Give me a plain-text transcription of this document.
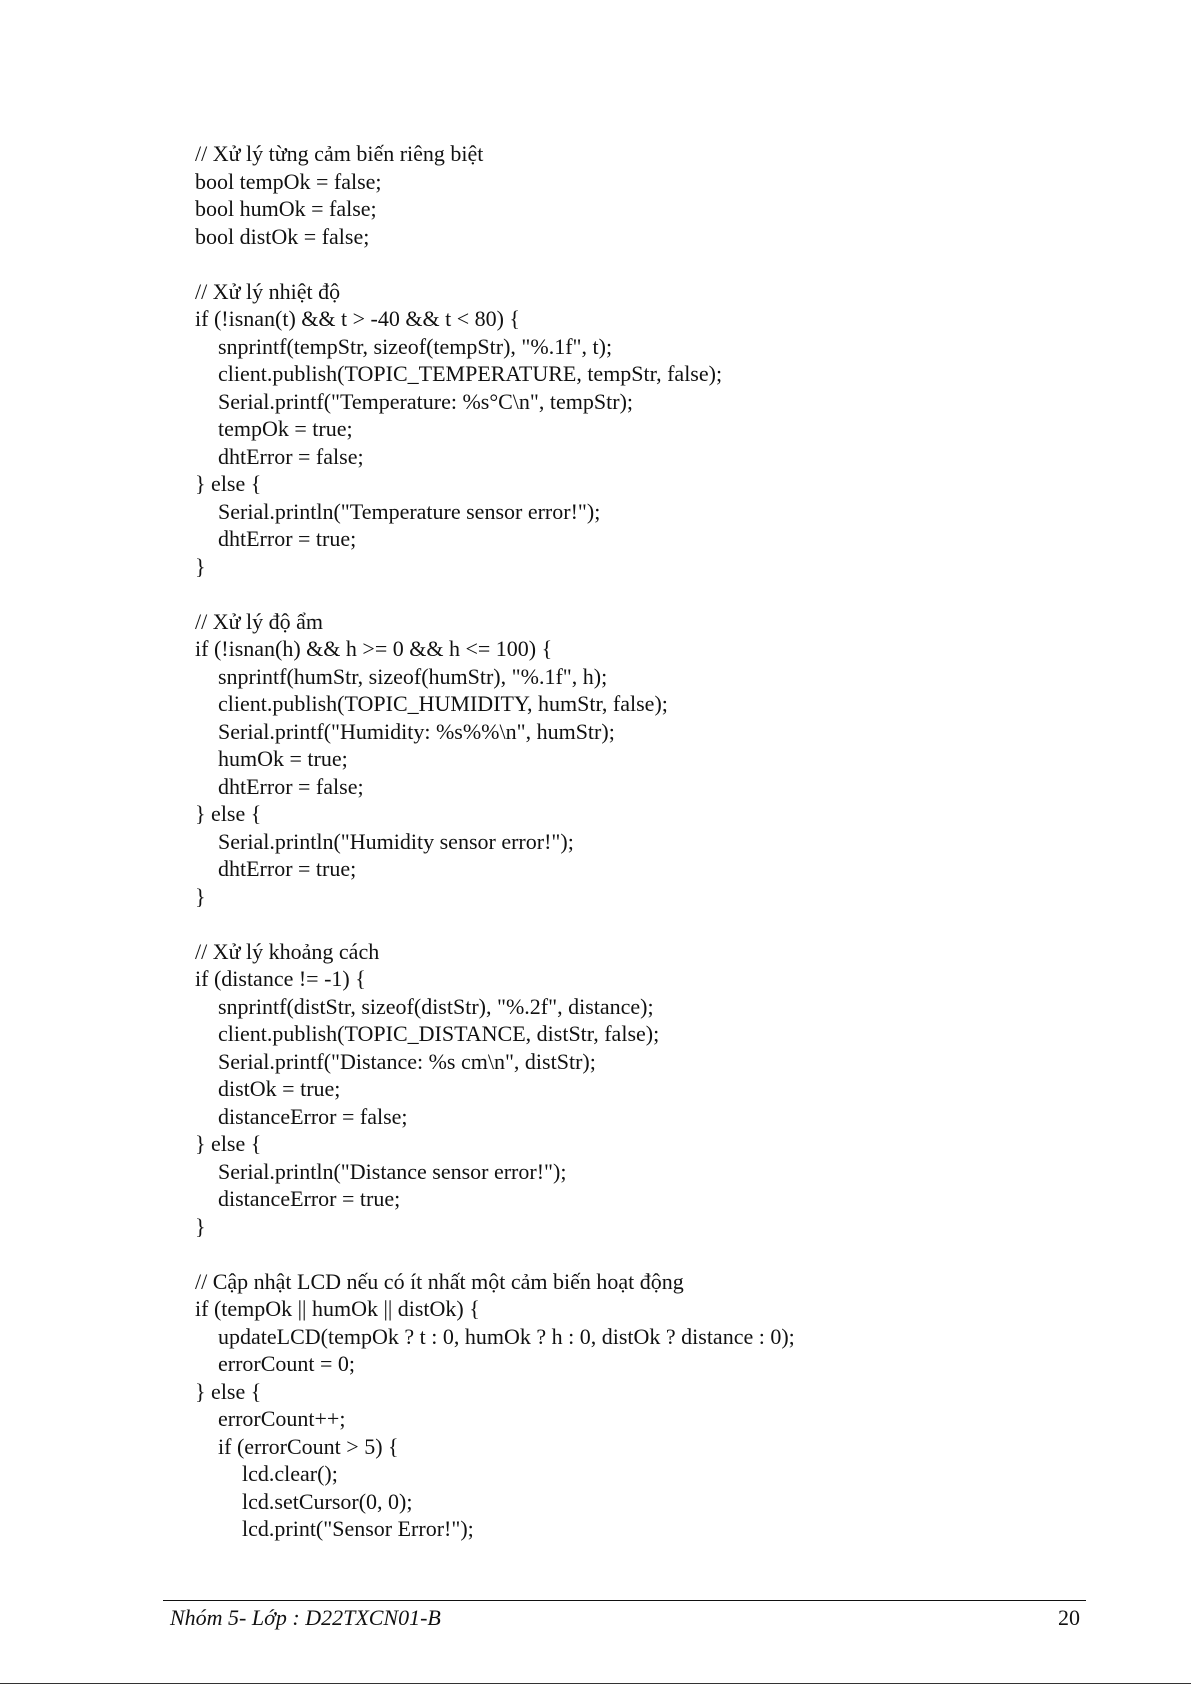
// Xử lý từng cảm biến riêng biệt
bool tempOk = false;
bool humOk = false;
bool distOk = false;
// Xử lý nhiệt độ
if (!isnan(t) && t > -40 && t < 80) {
snprintf(tempStr, sizeof(tempStr), "%.1f", t);
client.publish(TOPIC_TEMPERATURE, tempStr, false);
Serial.printf("Temperature: %s°C\n", tempStr);
tempOk = true;
dhtError = false;
} else {
Serial.println("Temperature sensor error!");
dhtError = true;
}
// Xử lý độ ẩm
if (!isnan(h) && h >= 0 && h <= 100) {
snprintf(humStr, sizeof(humStr), "%.1f", h);
client.publish(TOPIC_HUMIDITY, humStr, false);
Serial.printf("Humidity: %s%%\n", humStr);
humOk = true;
dhtError = false;
} else {
Serial.println("Humidity sensor error!");
dhtError = true;
}
// Xử lý khoảng cách
if (distance != -1) {
snprintf(distStr, sizeof(distStr), "%.2f", distance);
client.publish(TOPIC_DISTANCE, distStr, false);
Serial.printf("Distance: %s cm\n", distStr);
distOk = true;
distanceError = false;
} else {
Serial.println("Distance sensor error!");
distanceError = true;
}
// Cập nhật LCD nếu có ít nhất một cảm biến hoạt động
if (tempOk || humOk || distOk) {
updateLCD(tempOk ? t : 0, humOk ? h : 0, distOk ? distance : 0);
errorCount = 0;
} else {
errorCount++;
if (errorCount > 5) {
lcd.clear();
lcd.setCursor(0, 0);
lcd.print("Sensor Error!");
Nhóm 5- Lớp : D22TXCN01-B	20
